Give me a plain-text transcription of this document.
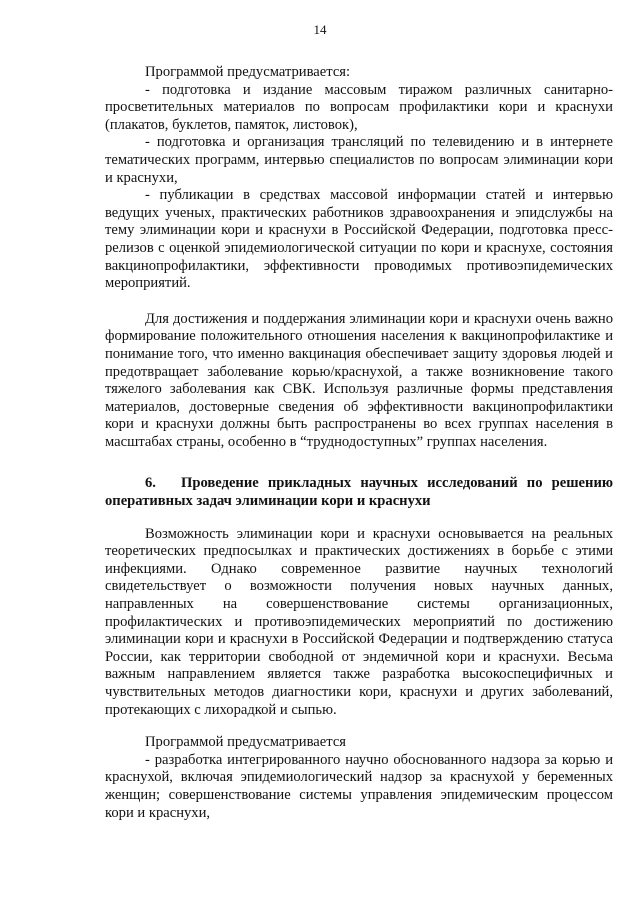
14

Программой предусматривается:

- подготовка и издание массовым тиражом различных санитарно-просветительных материалов по вопросам профилактики кори и краснухи (плакатов, буклетов, памяток, листовок),

- подготовка и организация трансляций по телевидению и в интернете тематических программ, интервью специалистов по вопросам элиминации кори и краснухи,

- публикации в средствах массовой информации статей и интервью ведущих ученых, практических работников здравоохранения и эпидслужбы на тему элиминации кори и краснухи в Российской Федерации, подготовка пресс-релизов с оценкой эпидемиологической ситуации по кори и краснухе, состояния вакцинопрофилактики, эффективности проводимых противоэпидемических мероприятий.

Для достижения и поддержания элиминации кори и краснухи очень важно формирование положительного отношения населения к вакцинопрофилактике и понимание того, что именно вакцинация обеспечивает защиту здоровья людей и предотвращает заболевание корью/краснухой, а также возникновение такого тяжелого заболевания как СВК. Используя различные формы представления материалов, достоверные сведения об эффективности вакцинопрофилактики кори и краснухи должны быть распространены во всех группах населения в масштабах страны, особенно в “труднодоступных” группах населения.

6. Проведение прикладных научных исследований по решению оперативных задач элиминации кори и краснухи

Возможность элиминации кори и краснухи основывается на реальных теоретических предпосылках и практических достижениях в борьбе с этими инфекциями. Однако современное развитие научных технологий свидетельствует о возможности получения новых научных данных, направленных на совершенствование системы организационных, профилактических и противоэпидемических мероприятий по достижению элиминации кори и краснухи в Российской Федерации и подтверждению статуса России, как территории свободной от эндемичной кори и краснухи. Весьма важным направлением является также разработка высокоспецифичных и чувствительных методов диагностики кори, краснухи и других заболеваний, протекающих с лихорадкой и сыпью.

Программой предусматривается

- разработка интегрированного научно обоснованного надзора за корью и краснухой, включая эпидемиологический надзор за краснухой у беременных женщин; совершенствование системы управления эпидемическим процессом кори и краснухи,
